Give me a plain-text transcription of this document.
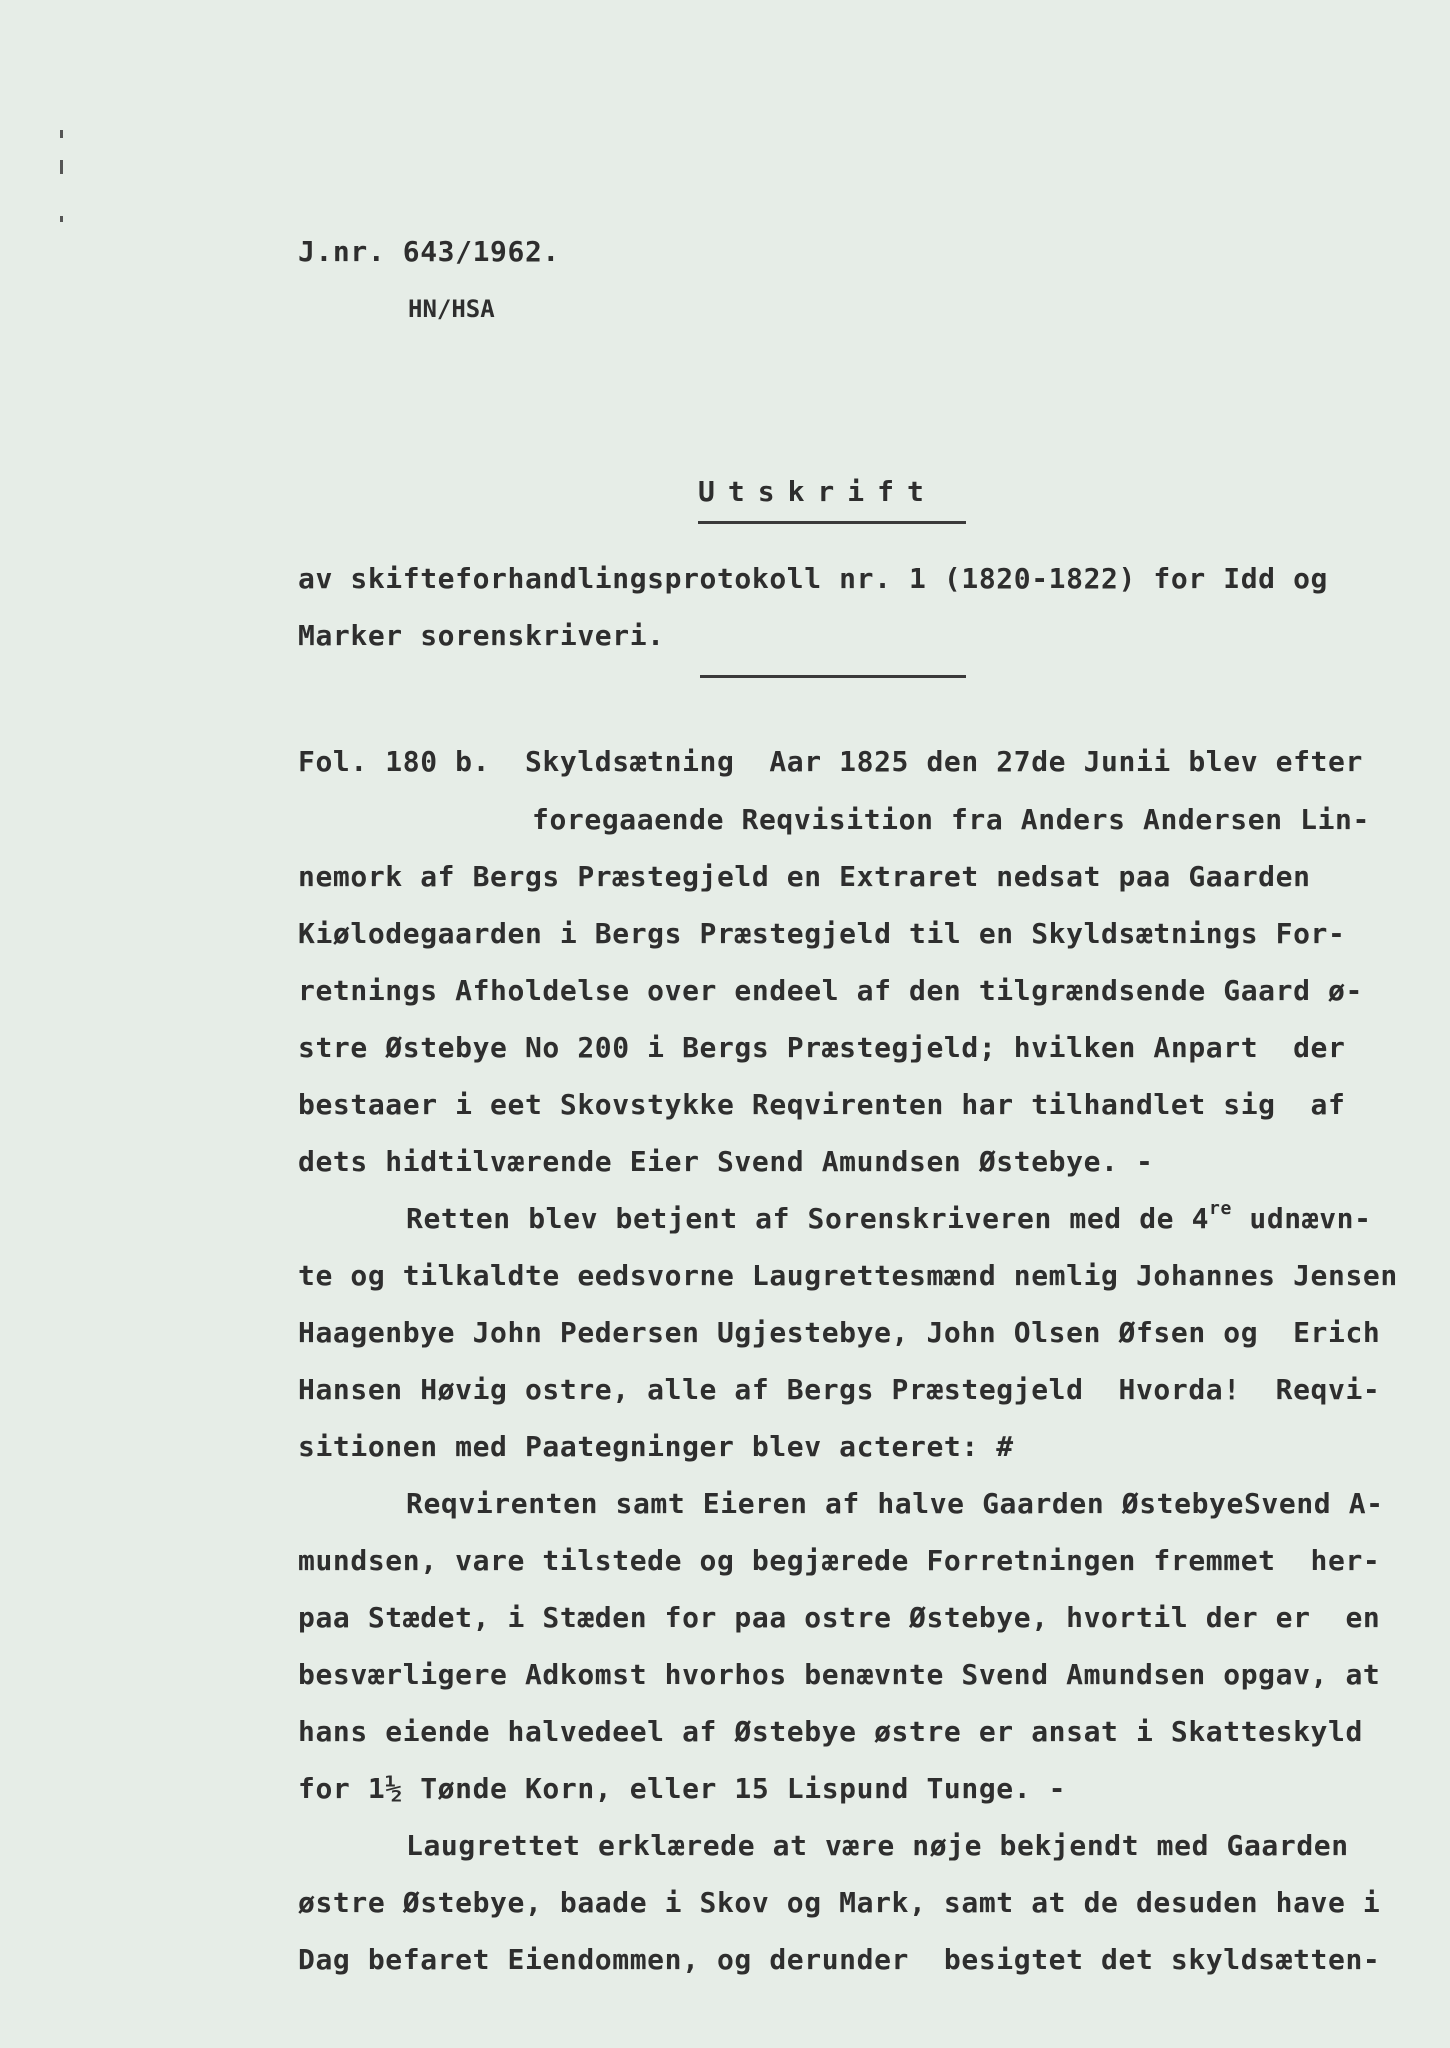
J.nr. 643/1962.
HN/HSA
Utskrift
av skifteforhandlingsprotokoll nr. 1 (1820-1822) for Idd og
Marker sorenskriveri.
Fol. 180 b.  Skyldsætning  Aar 1825 den 27de Junii blev efter
foregaaende Reqvisition fra Anders Andersen Lin-
nemork af Bergs Præstegjeld en Extraret nedsat paa Gaarden
Kiølodegaarden i Bergs Præstegjeld til en Skyldsætnings For-
retnings Afholdelse over endeel af den tilgrændsende Gaard ø-
stre Østebye No 200 i Bergs Præstegjeld; hvilken Anpart  der
bestaaer i eet Skovstykke Reqvirenten har tilhandlet sig  af
dets hidtilværende Eier Svend Amundsen Østebye. -
Retten blev betjent af Sorenskriveren med de 4re udnævn-
te og tilkaldte eedsvorne Laugrettesmænd nemlig Johannes Jensen
Haagenbye John Pedersen Ugjestebye, John Olsen Øfsen og  Erich
Hansen Høvig ostre, alle af Bergs Præstegjeld  Hvorda!  Reqvi-
sitionen med Paategninger blev acteret: #
Reqvirenten samt Eieren af halve Gaarden ØstebyeSvend A-
mundsen, vare tilstede og begjærede Forretningen fremmet  her-
paa Stædet, i Stæden for paa ostre Østebye, hvortil der er  en
besværligere Adkomst hvorhos benævnte Svend Amundsen opgav, at
hans eiende halvedeel af Østebye østre er ansat i Skatteskyld
for 1½ Tønde Korn, eller 15 Lispund Tunge. -
Laugrettet erklærede at være nøje bekjendt med Gaarden
østre Østebye, baade i Skov og Mark, samt at de desuden have i
Dag befaret Eiendommen, og derunder  besigtet det skyldsætten-
